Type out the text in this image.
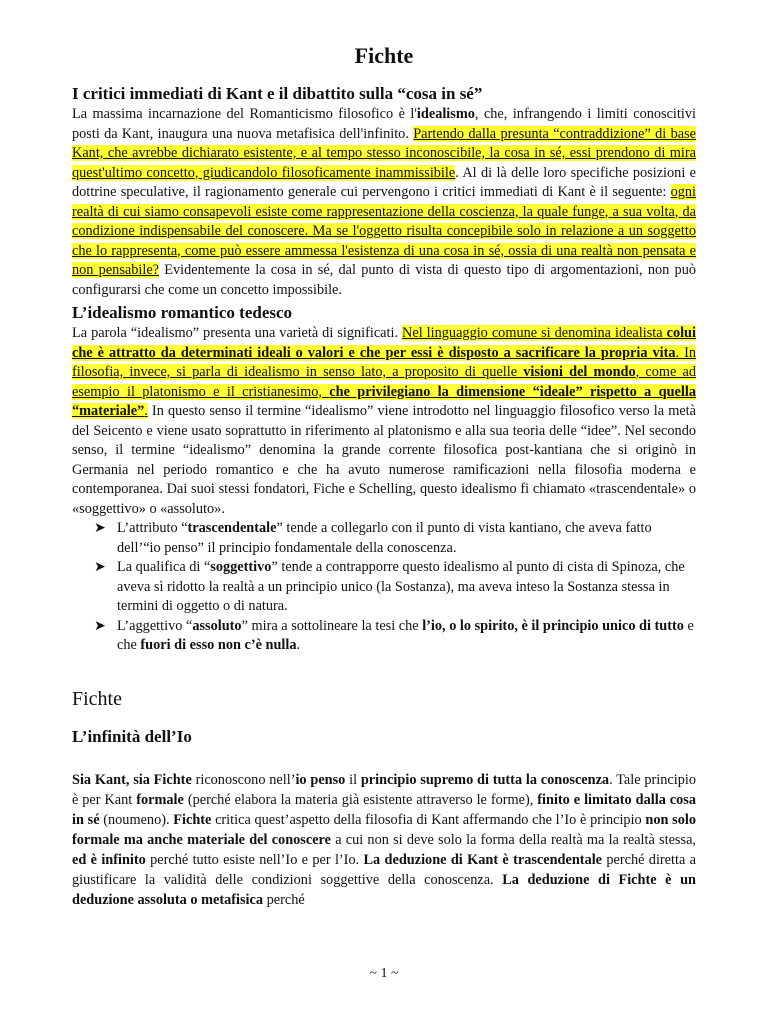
Fichte
I critici immediati di Kant e il dibattito sulla “cosa in sé”

La massima incarnazione del Romanticismo filosofico è l'idealismo, che, infrangendo i limiti conoscitivi posti da Kant, inaugura una nuova metafisica dell'infinito. Partendo dalla presunta “contraddizione” di base Kant, che avrebbe dichiarato esistente, e al tempo stesso inconoscibile, la cosa in sé, essi prendono di mira quest'ultimo concetto, giudicandolo filosoficamente inammissibile. Al di là delle loro specifiche posizioni e dottrine speculative, il ragionamento generale cui pervengono i critici immediati di Kant è il seguente: ogni realtà di cui siamo consapevoli esiste come rappresentazione della coscienza, la quale funge, a sua volta, da condizione indispensabile del conoscere. Ma se l'oggetto risulta concepibile solo in relazione a un soggetto che lo rappresenta, come può essere ammessa l'esistenza di una cosa in sé, ossia di una realtà non pensata e non pensabile? Evidentemente la cosa in sé, dal punto di vista di questo tipo di argomentazioni, non può configurarsi che come un concetto impossibile.

L’idealismo romantico tedesco

La parola “idealismo” presenta una varietà di significati. Nel linguaggio comune si denomina idealista colui che è attratto da determinati ideali o valori e che per essi è disposto a sacrificare la propria vita. In filosofia, invece, si parla di idealismo in senso lato, a proposito di quelle visioni del mondo, come ad esempio il platonismo e il cristianesimo, che privilegiano la dimensione “ideale” rispetto a quella “materiale”. In questo senso il termine “idealismo” viene introdotto nel linguaggio filosofico verso la metà del Seicento e viene usato soprattutto in riferimento al platonismo e alla sua teoria delle “idee”. Nel secondo senso, il termine “idealismo” denomina la grande corrente filosofica post-kantiana che si originò in Germania nel periodo romantico e che ha avuto numerose ramificazioni nella filosofia moderna e contemporanea. Dai suoi stessi fondatori, Fiche e Schelling, questo idealismo fi chiamato «trascendentale» o «soggettivo» o «assoluto».

➤ L’attributo “trascendentale” tende a collegarlo con il punto di vista kantiano, che aveva fatto dell’“io penso” il principio fondamentale della conoscenza.
➤ La qualifica di “soggettivo” tende a contrapporre questo idealismo al punto di cista di Spinoza, che aveva sì ridotto la realtà a un principio unico (la Sostanza), ma aveva inteso la Sostanza stessa in termini di oggetto o di natura.
➤ L’aggettivo “assoluto” mira a sottolineare la tesi che l’io, o lo spirito, è il principio unico di tutto e che fuori di esso non c’è nulla.
Fichte
L’infinità dell’Io

Sia Kant, sia Fichte riconoscono nell’io penso il principio supremo di tutta la conoscenza. Tale principio è per Kant formale (perché elabora la materia già esistente attraverso le forme), finito e limitato dalla cosa in sé (noumeno). Fichte critica quest’aspetto della filosofia di Kant affermando che l’Io è principio non solo formale ma anche materiale del conoscere a cui non si deve solo la forma della realtà ma la realtà stessa, ed è infinito perché tutto esiste nell’Io e per l’Io. La deduzione di Kant è trascendentale perché diretta a giustificare la validità delle condizioni soggettive della conoscenza. La deduzione di Fichte è un deduzione assoluta o metafisica perché

~ 1 ~
